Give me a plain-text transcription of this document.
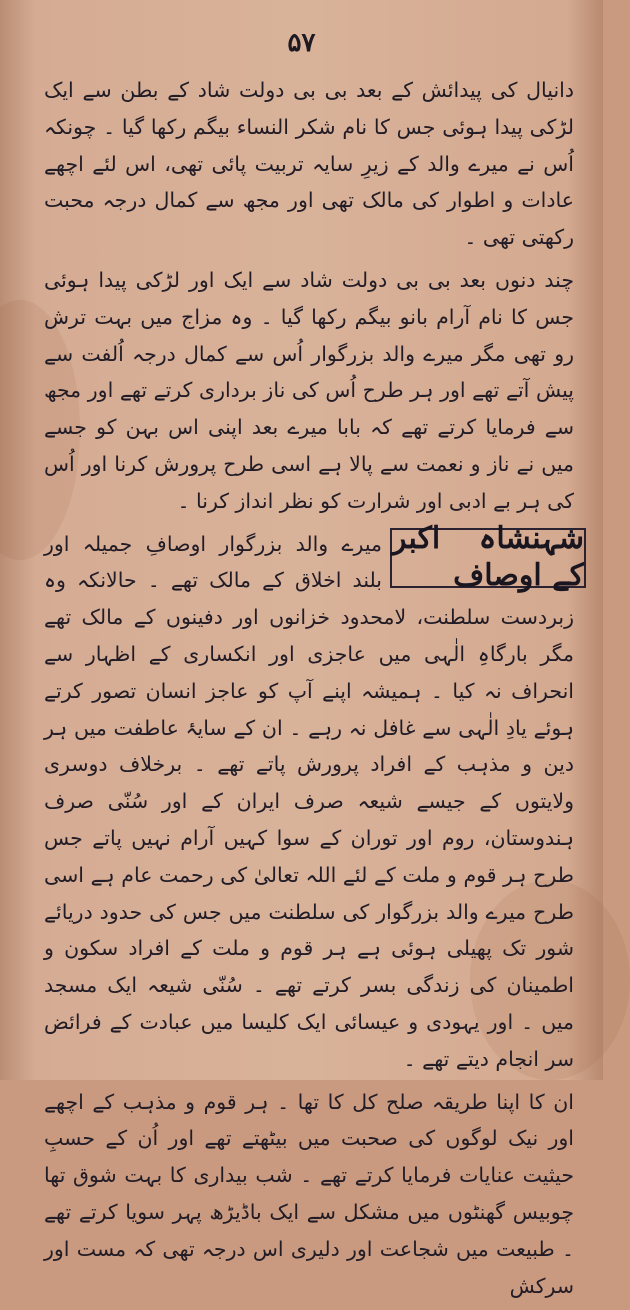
۵۷

دانیال کی پیدائش کے بعد بی بی دولت شاد کے بطن سے ایک لڑکی پیدا ہوئی جس کا نام شکر النساء بیگم رکھا گیا ۔ چونکہ اُس نے میرے والد کے زیرِ سایہ تربیت پائی تھی، اس لئے اچھے عادات و اطوار کی مالک تھی اور مجھ سے کمال درجہ محبت رکھتی تھی ۔

چند دنوں بعد بی بی دولت شاد سے ایک اور لڑکی پیدا ہوئی جس کا نام آرام بانو بیگم رکھا گیا ۔ وہ مزاج میں بہت ترش رو تھی مگر میرے والد بزرگوار اُس سے کمال درجہ اُلفت سے پیش آتے تھے اور ہر طرح اُس کی ناز برداری کرتے تھے اور مجھ سے فرمایا کرتے تھے کہ بابا میرے بعد اپنی اس بہن کو جسے میں نے ناز و نعمت سے پالا ہے اسی طرح پرورش کرنا اور اُس کی ہر بے ادبی اور شرارت کو نظر انداز کرنا ۔

شہنشاہ اکبر کے اوصاف

میرے والد بزرگوار اوصافِ جمیلہ اور بلند اخلاق کے مالک تھے ۔ حالانکہ وہ زبردست سلطنت، لامحدود خزانوں اور دفینوں کے مالک تھے مگر بارگاہِ الٰہی میں عاجزی اور انکساری کے اظہار سے انحراف نہ کیا ۔ ہمیشہ اپنے آپ کو عاجز انسان تصور کرتے ہوئے یادِ الٰہی سے غافل نہ رہے ۔ ان کے سایۂ عاطفت میں ہر دین و مذہب کے افراد پرورش پاتے تھے ۔ برخلاف دوسری ولایتوں کے جیسے شیعہ صرف ایران کے اور سُنّی صرف ہندوستان، روم اور توران کے سوا کہیں آرام نہیں پاتے جس طرح ہر قوم و ملت کے لئے اللہ تعالیٰ کی رحمت عام ہے اسی طرح میرے والد بزرگوار کی سلطنت میں جس کی حدود دریائے شور تک پھیلی ہوئی ہے ہر قوم و ملت کے افراد سکون و اطمینان کی زندگی بسر کرتے تھے ۔ سُنّی شیعہ ایک مسجد میں ۔ اور یہودی و عیسائی ایک کلیسا میں عبادت کے فرائض سر انجام دیتے تھے ۔

ان کا اپنا طریقہ صلح کل کا تھا ۔ ہر قوم و مذہب کے اچھے اور نیک لوگوں کی صحبت میں بیٹھتے تھے اور اُن کے حسبِ حیثیت عنایات فرمایا کرتے تھے ۔ شب بیداری کا بہت شوق تھا چوبیس گھنٹوں میں مشکل سے ایک باڈیڑھ پہر سویا کرتے تھے ۔ طبیعت میں شجاعت اور دلیری اس درجہ تھی کہ مست اور سرکش
